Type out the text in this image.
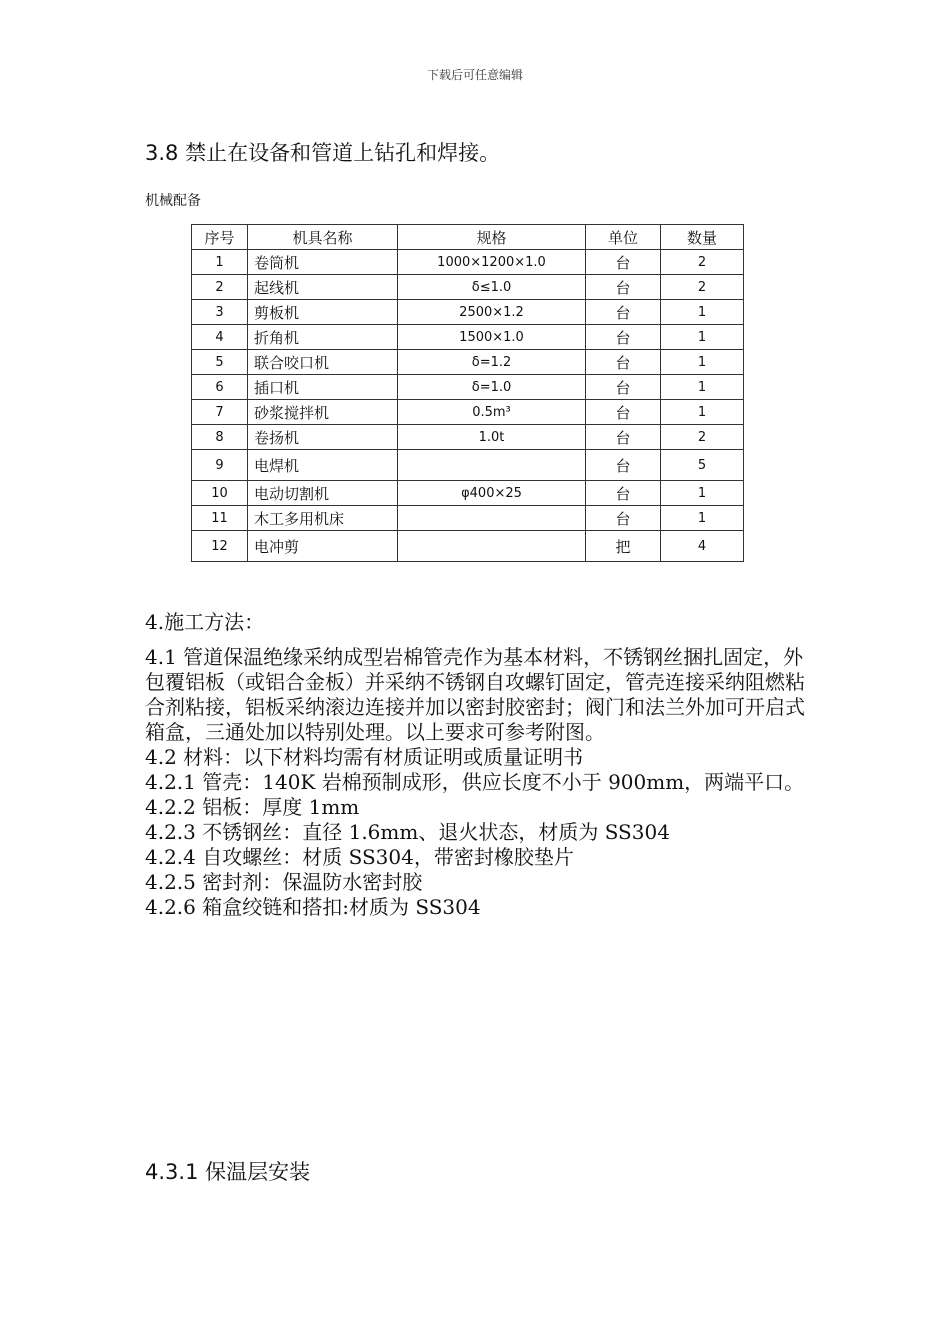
下载后可任意编辑
3.8 禁止在设备和管道上钻孔和焊接。
机械配备
序号	机具名称	规格	单位	数量
1	卷筒机	1000×1200×1.0	台	2
2	起线机	δ≤1.0	台	2
3	剪板机	2500×1.2	台	1
4	折角机	1500×1.0	台	1
5	联合咬口机	δ=1.2	台	1
6	插口机	δ=1.0	台	1
7	砂浆搅拌机	0.5m³	台	1
8	卷扬机	1.0t	台	2
9	电焊机		台	5
10	电动切割机	φ400×25	台	1
11	木工多用机床		台	1
12	电冲剪		把	4
4.施工方法：

4.1 管道保温绝缘采纳成型岩棉管壳作为基本材料，不锈钢丝捆扎固定，外包覆铝板（或铝合金板）并采纳不锈钢自攻螺钉固定，管壳连接采纳阻燃粘合剂粘接，铝板采纳滚边连接并加以密封胶密封；阀门和法兰外加可开启式箱盒，三通处加以特别处理。以上要求可参考附图。

4.2 材料：以下材料均需有材质证明或质量证明书

4.2.1 管壳：140K 岩棉预制成形，供应长度不小于 900mm，两端平口。

4.2.2 铝板：厚度 1mm

4.2.3 不锈钢丝：直径 1.6mm、退火状态，材质为 SS304

4.2.4 自攻螺丝：材质 SS304，带密封橡胶垫片

4.2.5 密封剂：保温防水密封胶

4.2.6 箱盒绞链和搭扣:材质为 SS304

4.3.1 保温层安装
